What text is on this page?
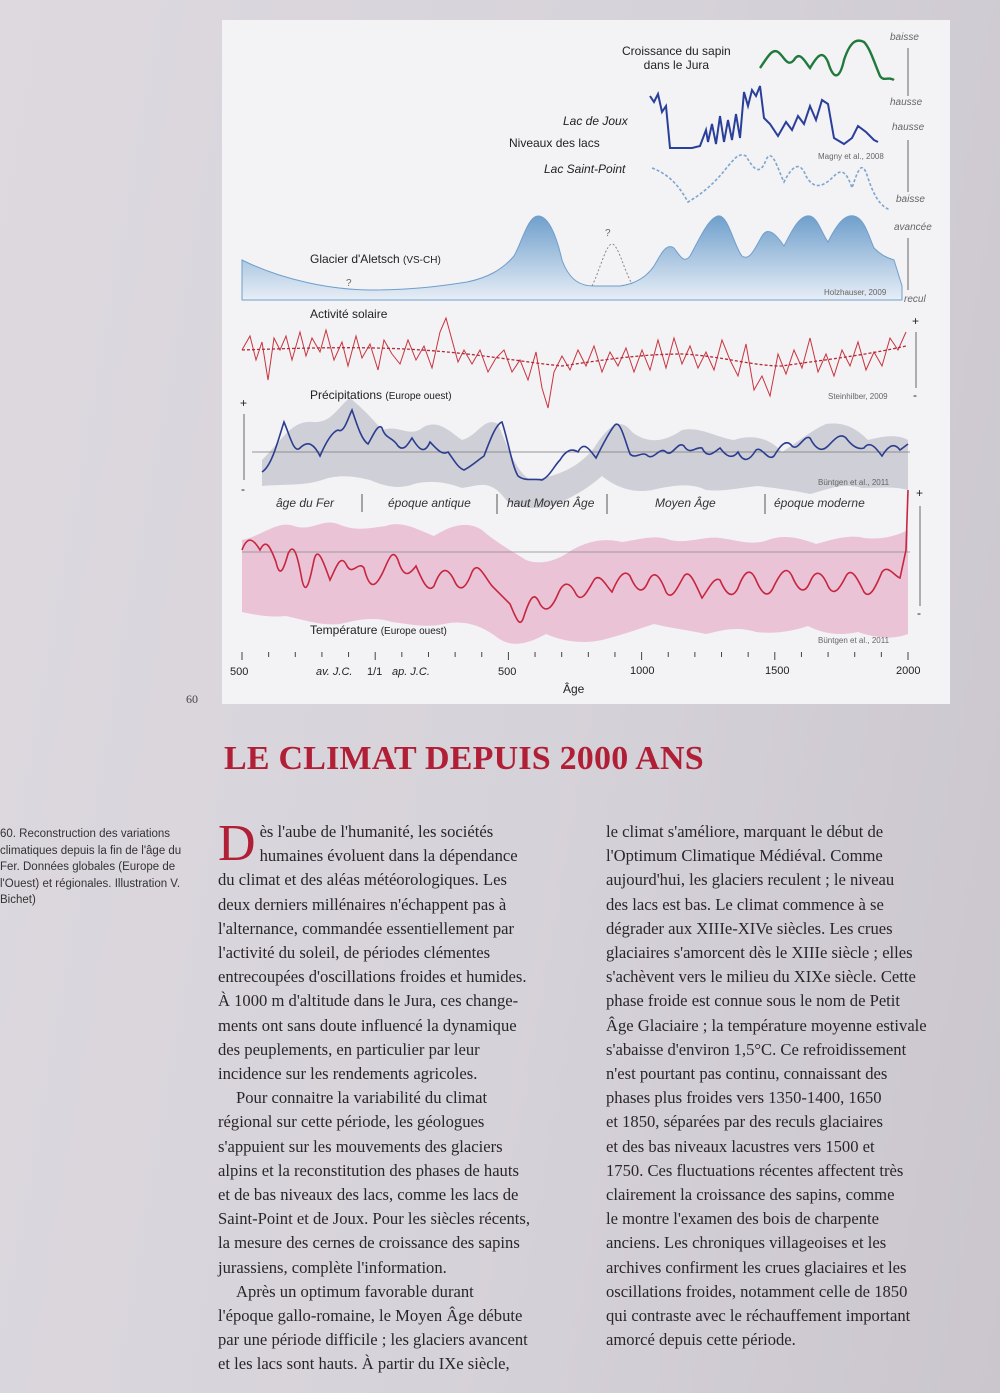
Croissance du sapin
dans le Jura
Lac de Joux
Niveaux des lacs
Lac Saint-Point
Glacier d'Aletsch (VS-CH)
Activité solaire
Précipitations (Europe ouest)
Température (Europe ouest)
baisse
hausse
hausse
baisse
avancée
recul
+
-
+
-	+
-
?
?
Magny et al., 2008
Holzhauser, 2009
Steinhilber, 2009
Büntgen et al., 2011
Büntgen et al., 2011
âge du Fer	époque antique	haut Moyen Âge	Moyen Âge	époque moderne
500	av. J.C. 1/1 ap. J.C.	500	1000	1500	2000
Âge
60
LE CLIMAT DEPUIS 2000 ANS
60. Reconstruction des variations climatiques depuis la fin de l'âge du Fer. Données globales (Europe de l'Ouest) et régionales. Illustration V. Bichet)

Dès l'aube de l'humanité, les sociétés
humaines évoluent dans la dépendance
du climat et des aléas météorologiques. Les
deux derniers millénaires n'échappent pas à
l'alternance, commandée essentiellement par
l'activité du soleil, de périodes clémentes
entrecoupées d'oscillations froides et humides.
À 1000 m d'altitude dans le Jura, ces change-
ments ont sans doute influencé la dynamique
des peuplements, en particulier par leur
incidence sur les rendements agricoles.

Pour connaitre la variabilité du climat
régional sur cette période, les géologues
s'appuient sur les mouvements des glaciers
alpins et la reconstitution des phases de hauts
et de bas niveaux des lacs, comme les lacs de
Saint-Point et de Joux. Pour les siècles récents,
la mesure des cernes de croissance des sapins
jurassiens, complète l'information.

Après un optimum favorable durant
l'époque gallo-romaine, le Moyen Âge débute
par une période difficile ; les glaciers avancent
et les lacs sont hauts. À partir du IXe siècle,

le climat s'améliore, marquant le début de
l'Optimum Climatique Médiéval. Comme
aujourd'hui, les glaciers reculent ; le niveau
des lacs est bas. Le climat commence à se
dégrader aux XIIIe-XIVe siècles. Les crues
glaciaires s'amorcent dès le XIIIe siècle ; elles
s'achèvent vers le milieu du XIXe siècle. Cette
phase froide est connue sous le nom de Petit
Âge Glaciaire ; la température moyenne estivale
s'abaisse d'environ 1,5°C. Ce refroidissement
n'est pourtant pas continu, connaissant des
phases plus froides vers 1350-1400, 1650
et 1850, séparées par des reculs glaciaires
et des bas niveaux lacustres vers 1500 et
1750. Ces fluctuations récentes affectent très
clairement la croissance des sapins, comme
le montre l'examen des bois de charpente
anciens. Les chroniques villageoises et les
archives confirment les crues glaciaires et les
oscillations froides, notamment celle de 1850
qui contraste avec le réchauffement important
amorcé depuis cette période.
